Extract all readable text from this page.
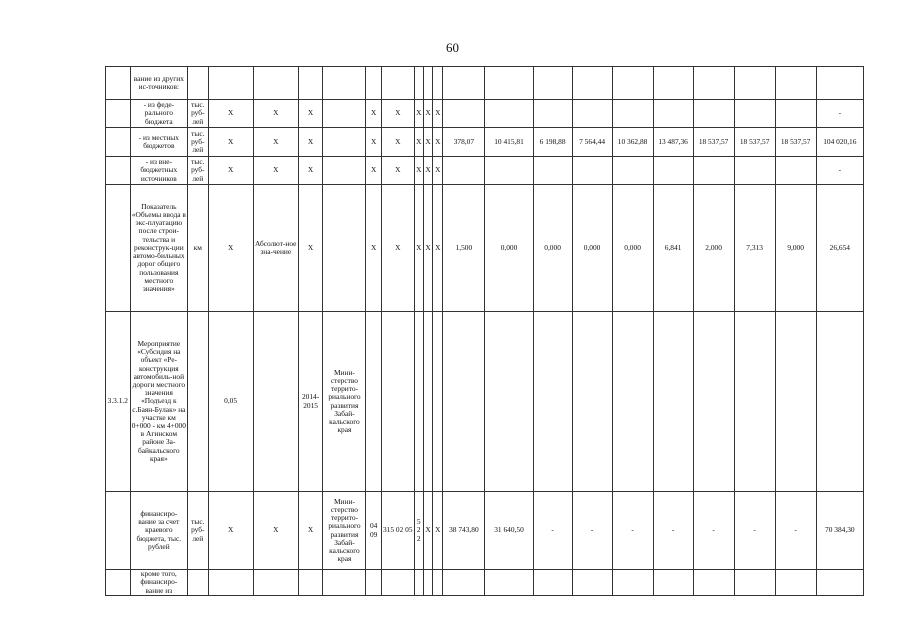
60
	вание из других ис-точников:																						
	- из феде-рального бюджета	тыс. руб-лей	X	X	X		X	X	X	X	X												-
	- из местных бюджетов	тыс. руб-лей	X	X	X		X	X	X	X	X	378,07	10 415,81	6 198,88	7 564,44	10 362,88	13 487,36	18 537,57	18 537,57	18 537,57			104 020,16
	- из вне-бюджетных источников	тыс. руб-лей	X	X	X		X	X	X	X	X												-
	Показатель «Объемы ввода в экс-плуатацию после строи-тельства и реконструк-ции автомо-бильных дорог общего пользования местного значения»	км	X	Абсолют-ное зна-чение	X		X	X	X	X	X	1,500	0,000	0,000	0,000	0,000	6,841	2,000	7,313	9,000			26,654
3.3.1.2	Мероприятие «Субсидия на объект «Ре-конструкция автомобиль-ной дороги местного значения «Подъезд к с.Баян-Булак» на участке км 0+000 - км 4+000 в Агинском районе За-байкальского края»		0,05		2014-2015	Мини-стерство террито-риального развития Забай-кальского края																	
	финансиро-вание за счет краевого бюджета, тыс. рублей	тыс. руб-лей	X	X	X	Мини-стерство террито-риального развития Забай-кальского края	04 09	315 02 05	5 2 2	X	X	38 743,80	31 640,50	-	-	-	-	-	-	-			70 384,30
	кроме того, финансиро-вание из																						
